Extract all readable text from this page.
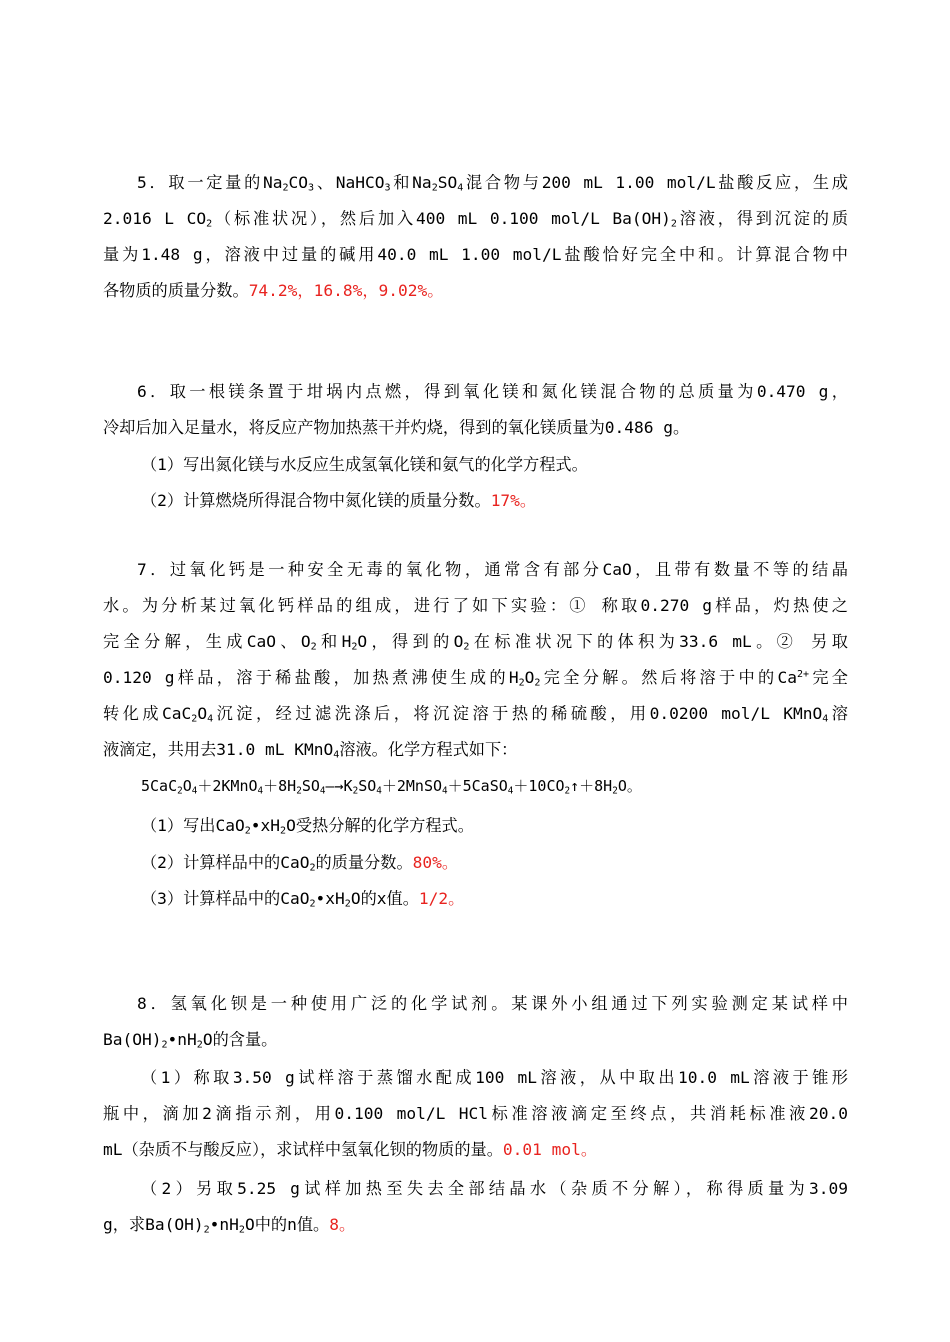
5．取一定量的$Na_2CO_3$、NaHCO$_3$和$Na_2SO_4$混合物与200 mL 1.00 mol/L盐酸反应，生成
2.016 L $CO_2$（标准状况），然后加入400 mL 0.100 mol/L $Ba(OH)_2$溶液，得到沉淀的质
量为1.48 g，溶液中过量的碱用40.0 mL 1.00 mol/L盐酸恰好完全中和。计算混合物中
各物质的质量分数。74.2%，16.8%，9.02%。
6．取一根镁条置于坩埚内点燃，得到氧化镁和氮化镁混合物的总质量为0.470 g，
冷却后加入足量水，将反应产物加热蒸干并灼烧，得到的氧化镁质量为0.486 g。
（1）写出氮化镁与水反应生成氢氧化镁和氨气的化学方程式。
（2）计算燃烧所得混合物中氮化镁的质量分数。17%。
7．过氧化钙是一种安全无毒的氧化物，通常含有部分CaO，且带有数量不等的结晶
水。为分析某过氧化钙样品的组成，进行了如下实验：① 称取0.270 g样品，灼热使之
完全分解，生成CaO、$O_2$和$H_2O$，得到的$O_2$在标准状况下的体积为33.6 mL。② 另取
0.120 g样品，溶于稀盐酸，加热煮沸使生成的$H_2O_2$完全分解。然后将溶于中的$Ca^{2+}$完全
转化成$CaC_2O_4$沉淀，经过滤洗涤后，将沉淀溶于热的稀硫酸，用0.0200 mol/L KMnO$_4$溶
液滴定，共用去31.0 mL KMnO$_4$溶液。化学方程式如下：
$5CaC_2O_4+2KMnO_4+8H_2SO_4—\to K_2SO_4+2MnSO_4+5CaSO_4+10CO_2↑+8H_2O$。
（1）写出$CaO_2•xH_2O$受热分解的化学方程式。
（2）计算样品中的CaO$_2$的质量分数。80%。
（3）计算样品中的$CaO_2•xH_2O$的x值。1/2。
8．氢氧化钡是一种使用广泛的化学试剂。某课外小组通过下列实验测定某试样中
$Ba(OH)_2•nH_2O$的含量。
（1）称取3.50 g试样溶于蒸馏水配成100 mL溶液，从中取出10.0 mL溶液于锥形
瓶中，滴加2滴指示剂，用0.100 mol/L HCl标准溶液滴定至终点，共消耗标准液20.0
mL（杂质不与酸反应），求试样中氢氧化钡的物质的量。0.01 mol。
（2）另取5.25 g试样加热至失去全部结晶水（杂质不分解），称得质量为3.09
g，求$Ba(OH)_2•nH_2O$中的n值。8。
